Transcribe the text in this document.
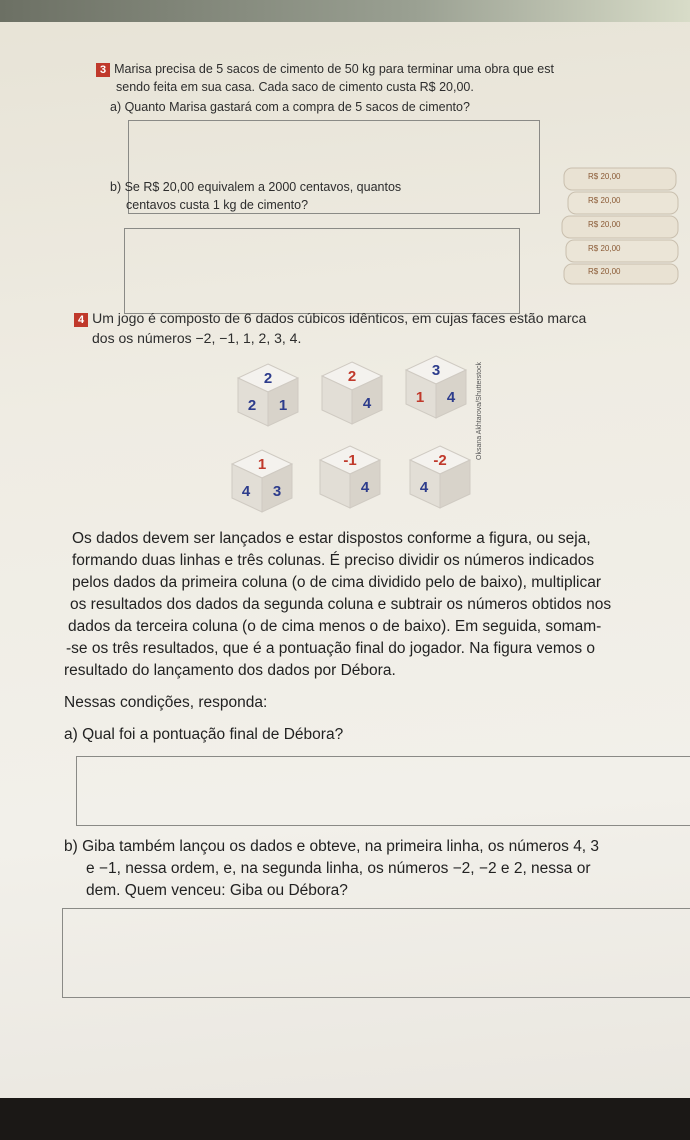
3 Marisa precisa de 5 sacos de cimento de 50 kg para terminar uma obra que est
sendo feita em sua casa. Cada saco de cimento custa R$ 20,00.
a) Quanto Marisa gastará com a compra de 5 sacos de cimento?
b) Se R$ 20,00 equivalem a 2000 centavos, quantos
centavos custa 1 kg de cimento?
R$ 20,00
R$ 20,00
R$ 20,00
R$ 20,00
R$ 20,00
4 Um jogo é composto de 6 dados cúbicos idênticos, em cujas faces estão marca
dos os números −2, −1, 1, 2, 3, 4.
2
2 1
2
4
3
1 4
1
4 3
-1
4
-2
4
Oksana Akhtarova/Shutterstock
Os dados devem ser lançados e estar dispostos conforme a figura, ou seja,
formando duas linhas e três colunas. É preciso dividir os números indicados
pelos dados da primeira coluna (o de cima dividido pelo de baixo), multiplicar
os resultados dos dados da segunda coluna e subtrair os números obtidos nos
dados da terceira coluna (o de cima menos o de baixo). Em seguida, somam-
-se os três resultados, que é a pontuação final do jogador. Na figura vemos o
resultado do lançamento dos dados por Débora.
Nessas condições, responda:
a) Qual foi a pontuação final de Débora?
b) Giba também lançou os dados e obteve, na primeira linha, os números 4, 3
e −1, nessa ordem, e, na segunda linha, os números −2, −2 e 2, nessa or
dem. Quem venceu: Giba ou Débora?
